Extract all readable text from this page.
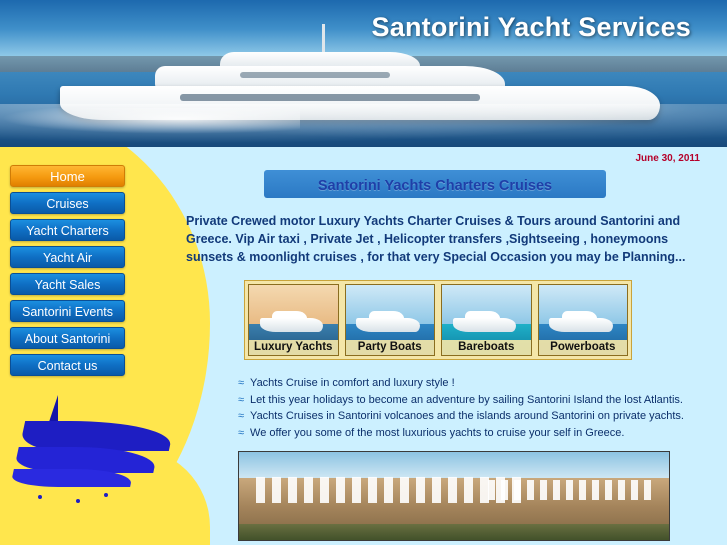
Santorini Yacht Services
Home
Cruises
Yacht Charters
Yacht Air
Yacht Sales
Santorini Events
About Santorini
Contact us
June 30, 2011
Santorini Yachts Charters Cruises
Private Crewed motor Luxury Yachts Charter Cruises & Tours around Santorini and Greece. Vip Air taxi , Private Jet , Helicopter transfers ,Sightseeing , honeymoons sunsets & moonlight cruises , for that very Special Occasion you may be Planning...
Luxury Yachts	Party Boats	Bareboats	Powerboats
≈ Yachts Cruise in comfort and luxury style !
≈ Let this year holidays to become an adventure by sailing Santorini Island the lost Atlantis.
≈ Yachts Cruises in Santorini volcanoes and the islands around Santorini on private yachts.
≈ We offer you some of the most luxurious yachts to cruise your self in Greece.
